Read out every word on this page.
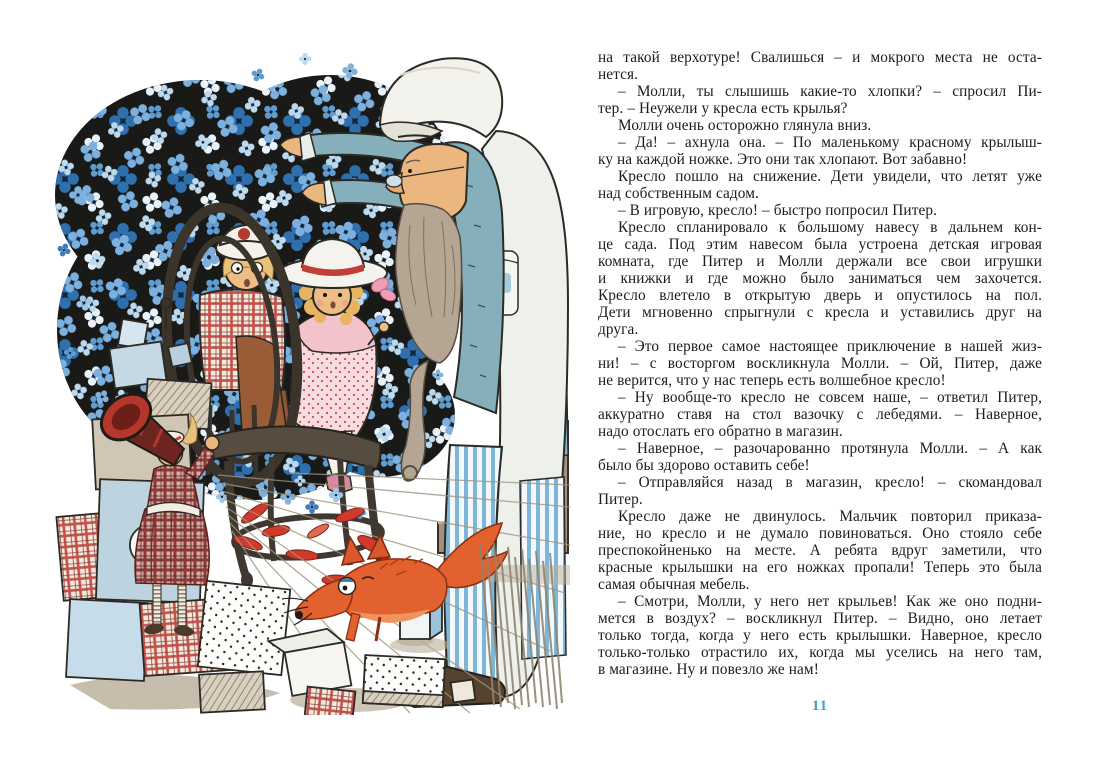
на такой верхотуре! Свалишься – и мокрого места не оста-
нется.
– Молли, ты слышишь какие-то хлопки? – спросил Пи-
тер. – Неужели у кресла есть крылья?
Молли очень осторожно глянула вниз.
– Да! – ахнула она. – По маленькому красному крылыш-
ку на каждой ножке. Это они так хлопают. Вот забавно!
Кресло пошло на снижение. Дети увидели, что летят уже
над собственным садом.
– В игровую, кресло! – быстро попросил Питер.
Кресло спланировало к большому навесу в дальнем кон-
це сада. Под этим навесом была устроена детская игровая
комната, где Питер и Молли держали все свои игрушки
и книжки и где можно было заниматься чем захочется.
Кресло влетело в открытую дверь и опустилось на пол.
Дети мгновенно спрыгнули с кресла и уставились друг на
друга.
– Это первое самое настоящее приключение в нашей жиз-
ни! – с восторгом воскликнула Молли. – Ой, Питер, даже
не верится, что у нас теперь есть волшебное кресло!
– Ну вообще-то кресло не совсем наше, – ответил Питер,
аккуратно ставя на стол вазочку с лебедями. – Наверное,
надо отослать его обратно в магазин.
– Наверное, – разочарованно протянула Молли. – А как
было бы здорово оставить себе!
– Отправляйся назад в магазин, кресло! – скомандовал
Питер.
Кресло даже не двинулось. Мальчик повторил приказа-
ние, но кресло и не думало повиноваться. Оно стояло себе
преспокойненько на месте. А ребята вдруг заметили, что
красные крылышки на его ножках пропали! Теперь это была
самая обычная мебель.
– Смотри, Молли, у него нет крыльев! Как же оно подни-
мется в воздух? – воскликнул Питер. – Видно, оно летает
только тогда, когда у него есть крылышки. Наверное, кресло
только-только отрастило их, когда мы уселись на него там,
в магазине. Ну и повезло же нам!
11
